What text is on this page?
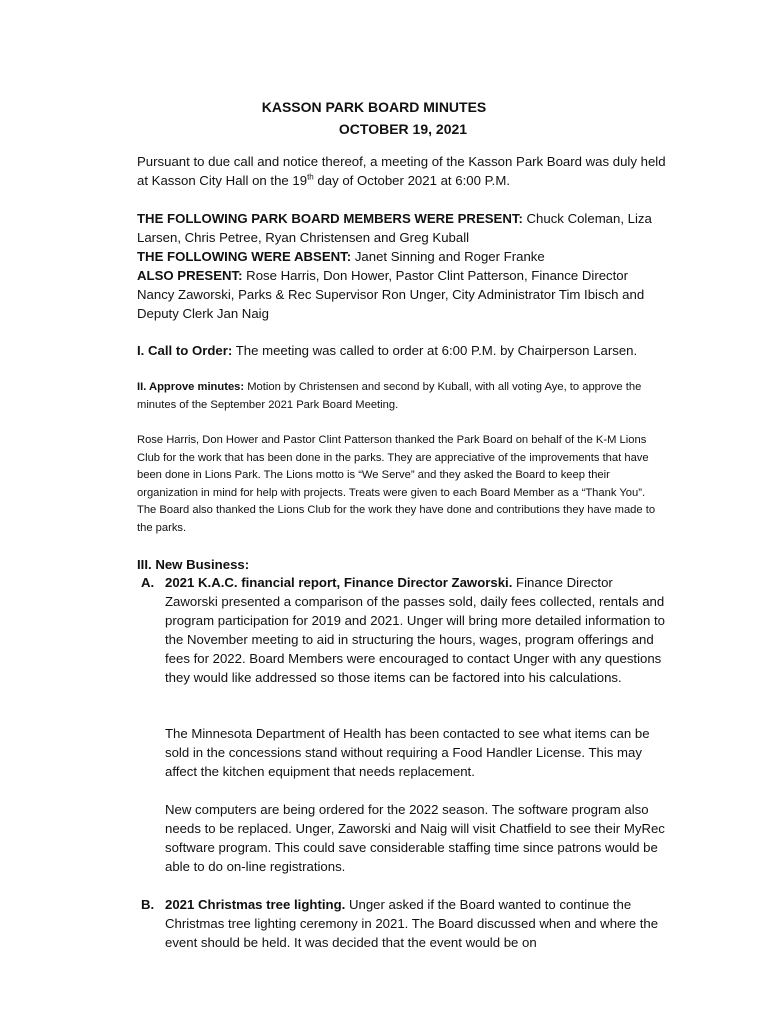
KASSON PARK BOARD MINUTES
OCTOBER 19, 2021
Pursuant to due call and notice thereof, a meeting of the Kasson Park Board was duly held at Kasson City Hall on the 19th day of October 2021 at 6:00 P.M.
THE FOLLOWING PARK BOARD MEMBERS WERE PRESENT: Chuck Coleman, Liza Larsen, Chris Petree, Ryan Christensen and Greg Kuball
THE FOLLOWING WERE ABSENT: Janet Sinning and Roger Franke
ALSO PRESENT: Rose Harris, Don Hower, Pastor Clint Patterson, Finance Director Nancy Zaworski, Parks & Rec Supervisor Ron Unger, City Administrator Tim Ibisch and Deputy Clerk Jan Naig
I. Call to Order: The meeting was called to order at 6:00 P.M. by Chairperson Larsen.
II. Approve minutes: Motion by Christensen and second by Kuball, with all voting Aye, to approve the minutes of the September 2021 Park Board Meeting.
Rose Harris, Don Hower and Pastor Clint Patterson thanked the Park Board on behalf of the K-M Lions Club for the work that has been done in the parks. They are appreciative of the improvements that have been done in Lions Park. The Lions motto is “We Serve” and they asked the Board to keep their organization in mind for help with projects. Treats were given to each Board Member as a “Thank You”. The Board also thanked the Lions Club for the work they have done and contributions they have made to the parks.
III. New Business:
A. 2021 K.A.C. financial report, Finance Director Zaworski. Finance Director Zaworski presented a comparison of the passes sold, daily fees collected, rentals and program participation for 2019 and 2021. Unger will bring more detailed information to the November meeting to aid in structuring the hours, wages, program offerings and fees for 2022. Board Members were encouraged to contact Unger with any questions they would like addressed so those items can be factored into his calculations.
The Minnesota Department of Health has been contacted to see what items can be sold in the concessions stand without requiring a Food Handler License. This may affect the kitchen equipment that needs replacement.
New computers are being ordered for the 2022 season. The software program also needs to be replaced. Unger, Zaworski and Naig will visit Chatfield to see their MyRec software program. This could save considerable staffing time since patrons would be able to do on-line registrations.
B. 2021 Christmas tree lighting. Unger asked if the Board wanted to continue the Christmas tree lighting ceremony in 2021. The Board discussed when and where the event should be held. It was decided that the event would be on
